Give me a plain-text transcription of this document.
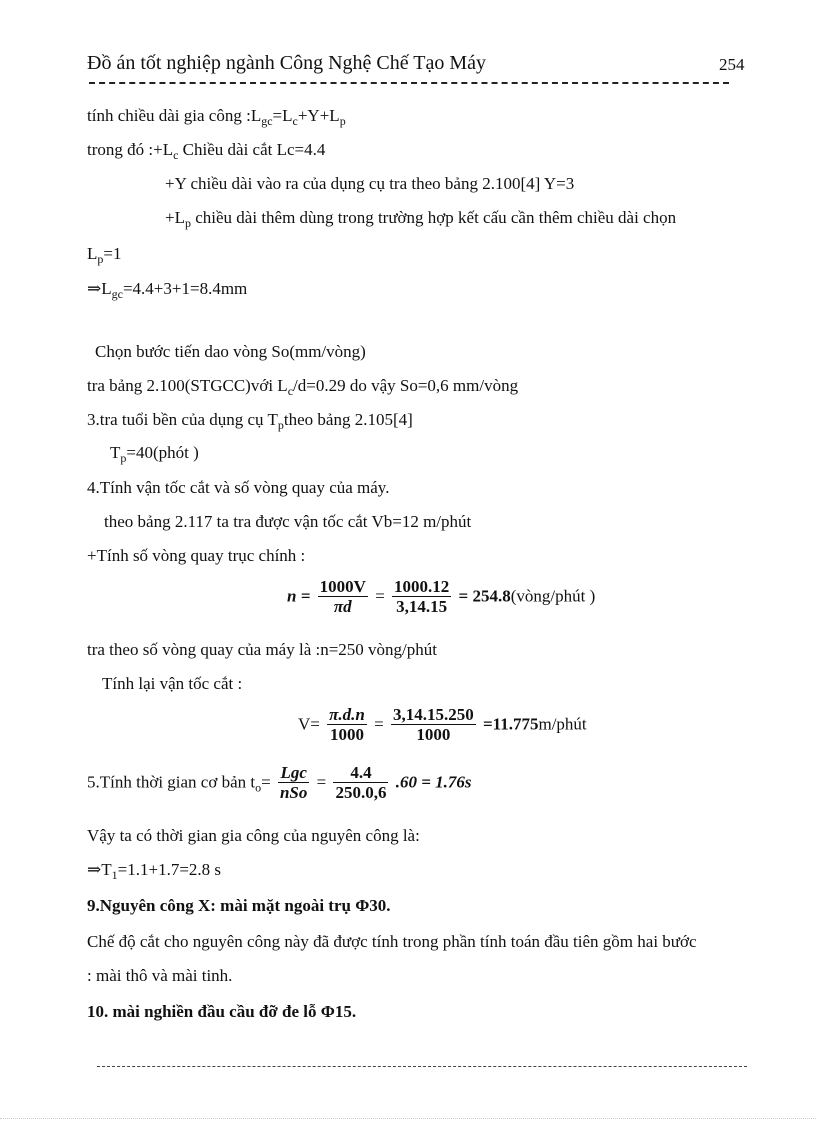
Đồ án tốt nghiệp ngành Công Nghệ Chế Tạo Máy	254
tính chiều dài gia công $:L_{gc}=L_c+Y+L_p$
trong đó $:+L_c$ Chiều dài cắt Lc=4.4
+Y chiều dài vào ra của dụng cụ tra theo bảng 2.100[4] Y=3
$+L_p$ chiều dài thêm dùng trong trường hợp kết cấu cần thêm chiều dài chọn
$L_p=1$
$\Rightarrow L_{gc}=4.4+3+1=8.4mm$
Chọn bước tiến dao vòng So(mm/vòng)
tra bảng 2.100(STGCC)với $L_c/d=0.29$ do vậy So=0,6 mm/vòng
3.tra tuổi bền của dụng cụ $T_ptheo$ bảng 2.105[4]
$T_p=40(phót$ )
4.Tính vận tốc cắt và số vòng quay của máy.
theo bảng 2.117 ta tra được vận tốc cắt Vb=12 m/phút
+Tính số vòng quay trục chính :
$n = \frac{1000V}{\pi d} = \frac{1000.12}{3,14.15}$ = 254.8(vòng/phút )
tra theo số vòng quay của máy là :n=250 vòng/phút
Tính lại vận tốc cắt :
$V= \frac{\pi.d.n}{1000} = \frac{3,14.15.250}{1000}$ =11.775m/phút
5.Tính thời gian cơ bản $t_o= \frac{\text{Lgc}}{\text{nSo}} = \frac{4.4}{250.0,6} .60 = 1.76s$
Vậy ta có thời gian gia công của nguyên công là:
$\Rightarrow T_1=1.1+1.7=2.8$ s
9.Nguyên công X: mài mặt ngoài trụ Φ30.
Chế độ cắt cho nguyên công này đã được tính trong phần tính toán đầu tiên gồm hai bước
: mài thô và mài tinh.
10. mài nghiền đầu cầu đỡ đe lỗ Φ15.
